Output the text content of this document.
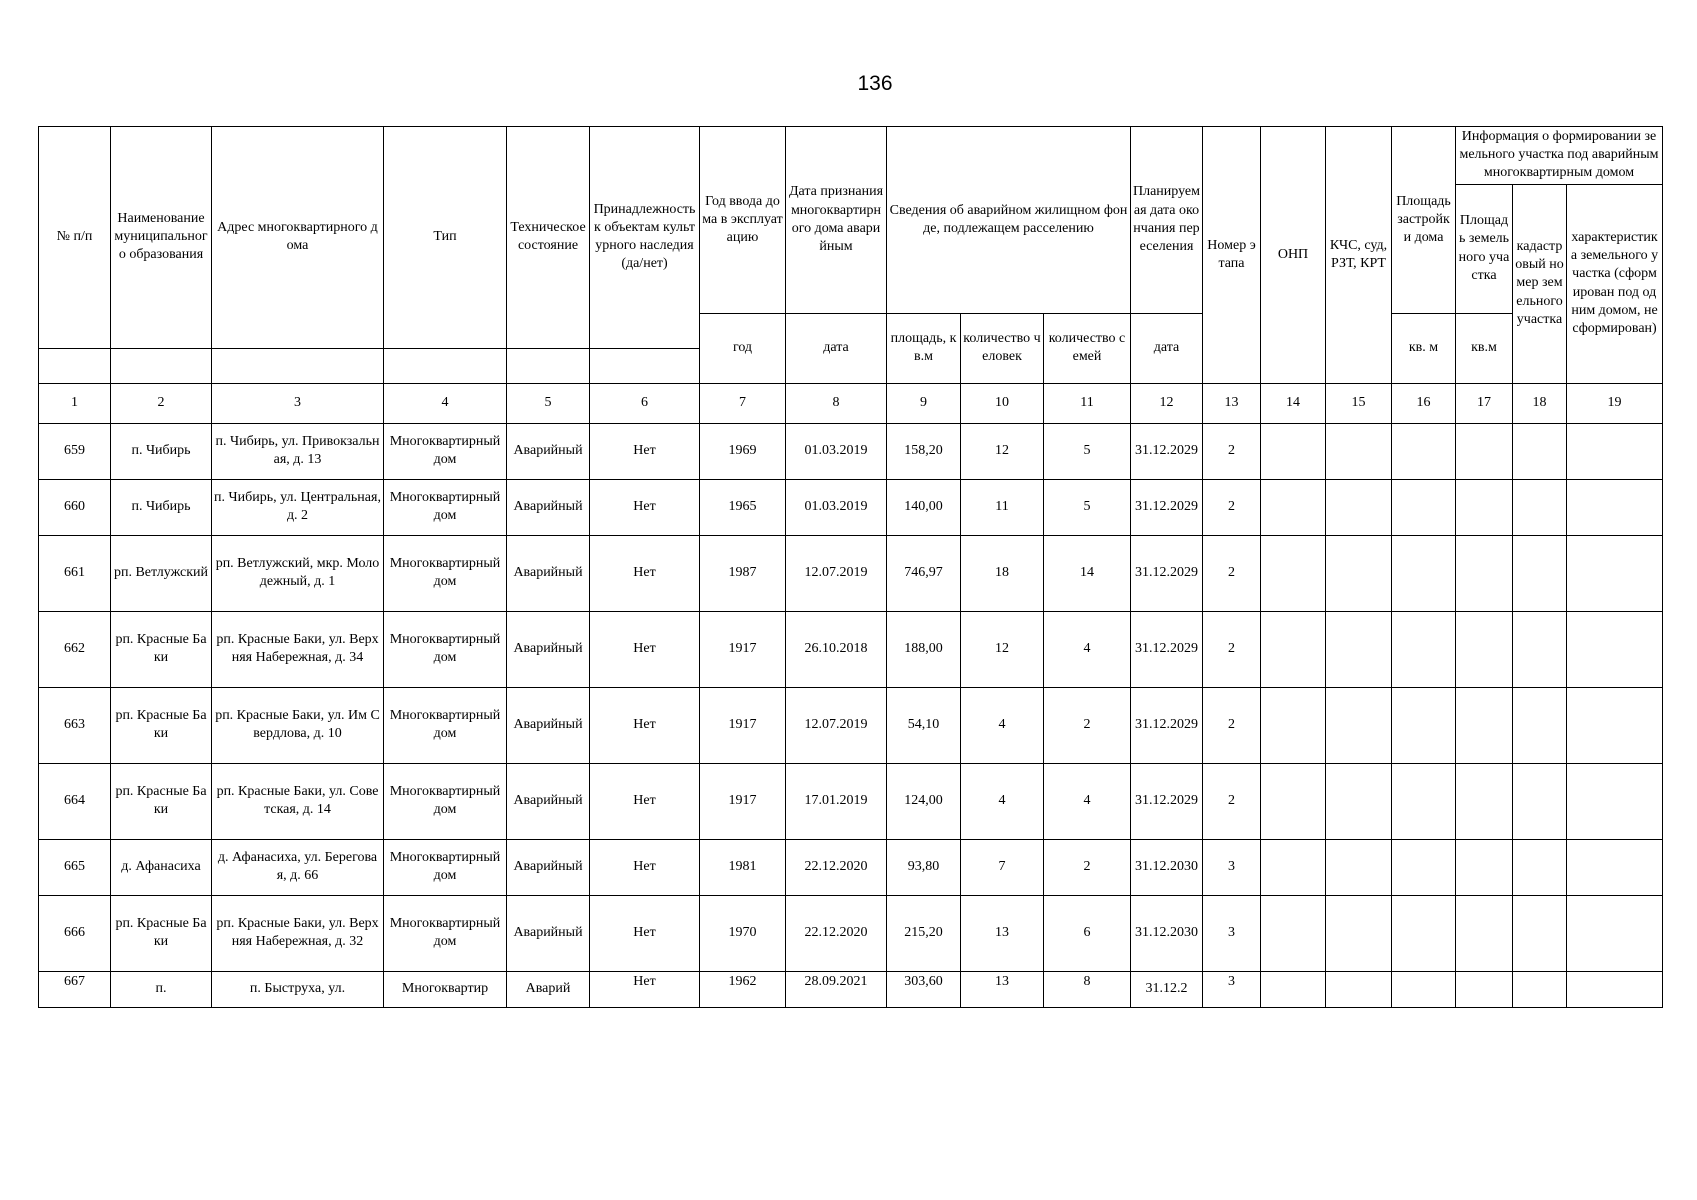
136
№ п/п	Наименование муниципального образования	Адрес многоквартирного дома	Тип	Техническое состояние	Принадлежность к объектам культурного наследия (да/нет)	Год ввода дома в эксплуатацию	Дата признания многоквартирного дома аварийным	Сведения об аварийном жилищном фонде, подлежащем расселению			Планируемая дата окончания переселения	Номер этапа	ОНП	КЧС, суд, РЗТ, КРТ	Площадь застройки дома	Информация о формировании земельного участка под аварийным многоквартирным домом		
																Площадь земельного участка	кадастровый номер земельного участка	характеристика земельного участка (сформирован под одним домом, не сформирован)

						год	дата	площадь, кв.м	количество человек	количество семей	дата				кв. м	кв.м		

1	2	3	4	5	6	7	8	9	10	11	12	13	14	15	16	17	18	19
659	п. Чибирь	п. Чибирь, ул. Привокзальная, д. 13	Многоквартирный дом	Аварийный	Нет	1969	01.03.2019	158,20	12	5	31.12.2029	2						
660	п. Чибирь	п. Чибирь, ул. Центральная, д. 2	Многоквартирный дом	Аварийный	Нет	1965	01.03.2019	140,00	11	5	31.12.2029	2						
661	рп. Ветлужский	рп. Ветлужский, мкр. Молодежный, д. 1	Многоквартирный дом	Аварийный	Нет	1987	12.07.2019	746,97	18	14	31.12.2029	2						
662	рп. Красные Баки	рп. Красные Баки, ул. Верхняя Набережная, д. 34	Многоквартирный дом	Аварийный	Нет	1917	26.10.2018	188,00	12	4	31.12.2029	2						
663	рп. Красные Баки	рп. Красные Баки, ул. Им Свердлова, д. 10	Многоквартирный дом	Аварийный	Нет	1917	12.07.2019	54,10	4	2	31.12.2029	2						
664	рп. Красные Баки	рп. Красные Баки, ул. Советская, д. 14	Многоквартирный дом	Аварийный	Нет	1917	17.01.2019	124,00	4	4	31.12.2029	2						
665	д. Афанасиха	д. Афанасиха, ул. Береговая, д. 66	Многоквартирный дом	Аварийный	Нет	1981	22.12.2020	93,80	7	2	31.12.2030	3						
666	рп. Красные Баки	рп. Красные Баки, ул. Верхняя Набережная, д. 32	Многоквартирный дом	Аварийный	Нет	1970	22.12.2020	215,20	13	6	31.12.2030	3						
667	п.	п. Быструха, ул.	Многоквартир	Аварий	Нет	1962	28.09.2021	303,60	13	8	31.12.2	3						
